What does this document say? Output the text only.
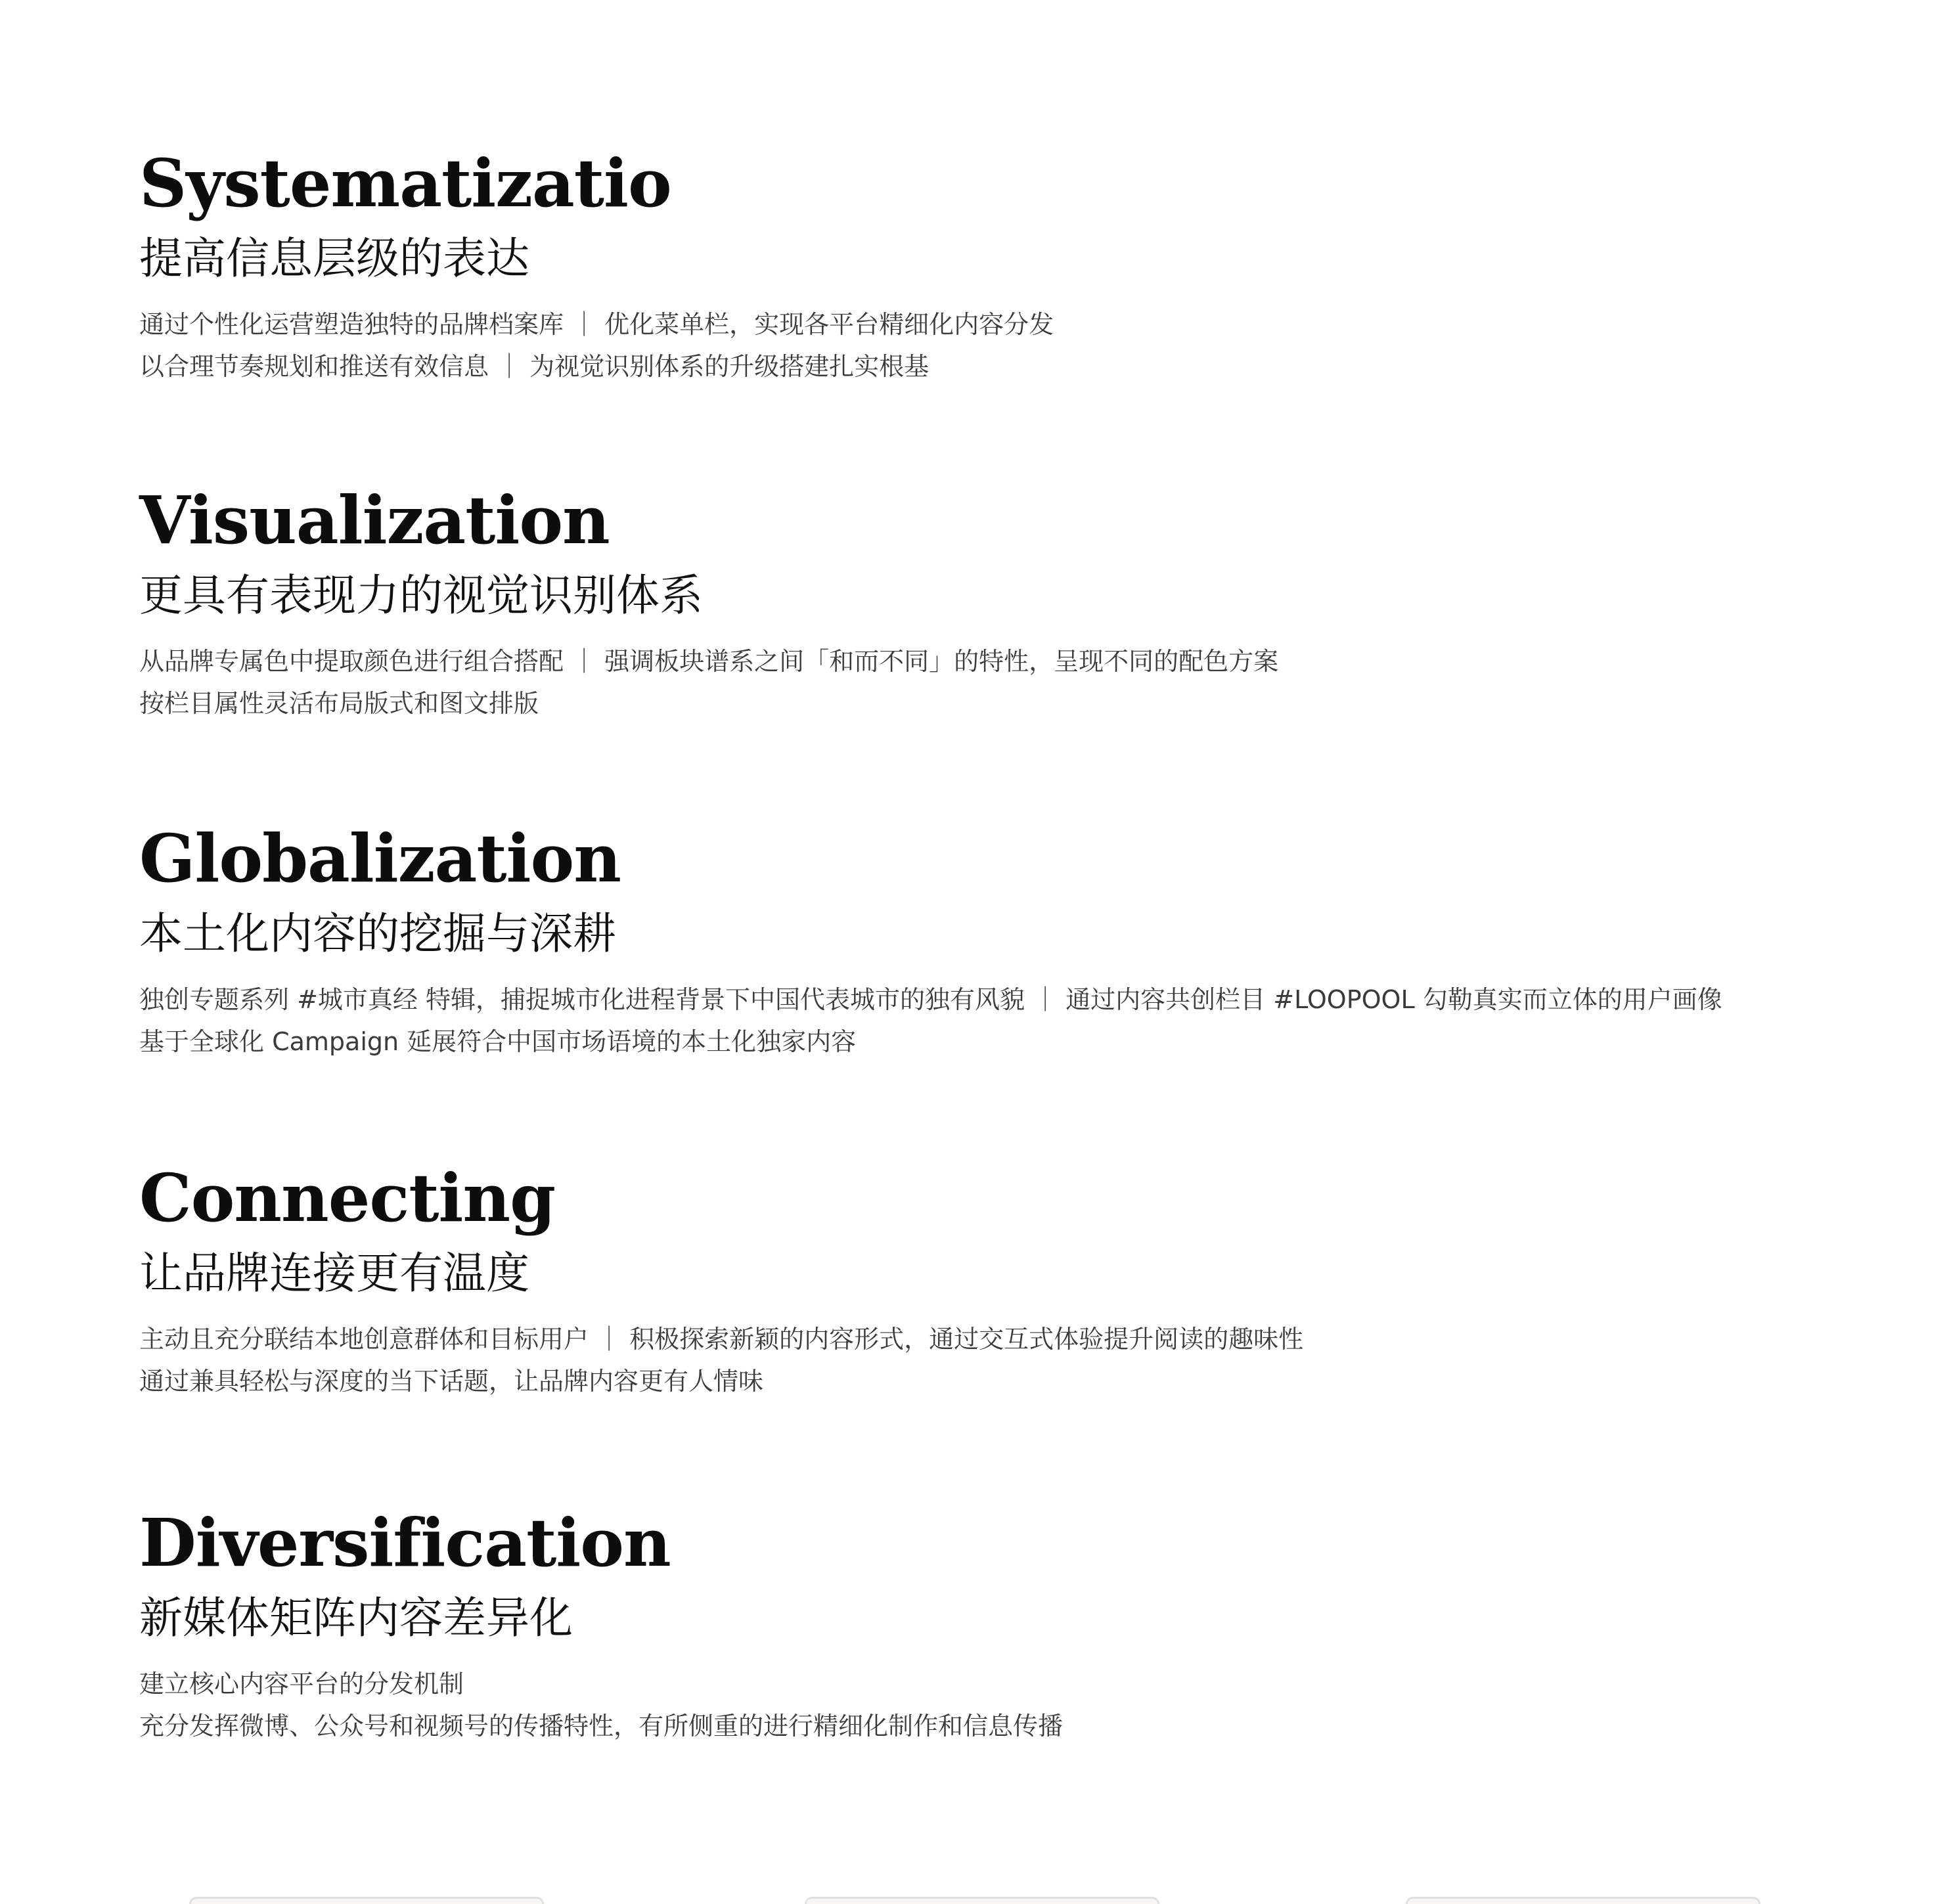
Systematizatio
提高信息层级的表达

通过个性化运营塑造独特的品牌档案库 ｜ 优化菜单栏，实现各平台精细化内容分发
以合理节奏规划和推送有效信息 ｜ 为视觉识别体系的升级搭建扎实根基

Visualization
更具有表现力的视觉识别体系

从品牌专属色中提取颜色进行组合搭配 ｜ 强调板块谱系之间「和而不同」的特性，呈现不同的配色方案
按栏目属性灵活布局版式和图文排版

Globalization
本土化内容的挖掘与深耕

独创专题系列 #城市真经 特辑，捕捉城市化进程背景下中国代表城市的独有风貌 ｜ 通过内容共创栏目 #LOOPOOL 勾勒真实而立体的用户画像
基于全球化 Campaign 延展符合中国市场语境的本土化独家内容

Connecting
让品牌连接更有温度

主动且充分联结本地创意群体和目标用户 ｜ 积极探索新颖的内容形式，通过交互式体验提升阅读的趣味性
通过兼具轻松与深度的当下话题，让品牌内容更有人情味

Diversification
新媒体矩阵内容差异化

建立核心内容平台的分发机制
充分发挥微博、公众号和视频号的传播特性，有所侧重的进行精细化制作和信息传播
